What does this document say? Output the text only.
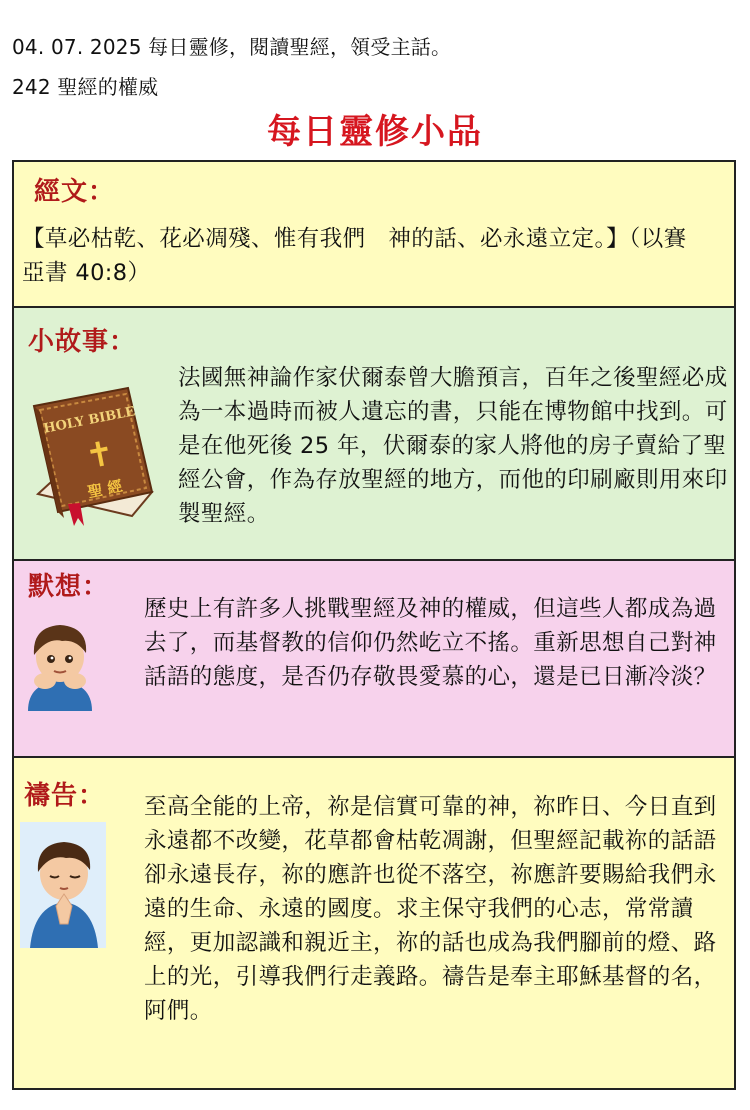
04. 07. 2025 每日靈修，閱讀聖經，領受主話。
242 聖經的權威
每日靈修小品
經文：
【草必枯乾、花必凋殘、惟有我們　神的話、必永遠立定。】（以賽亞書 40:8）
小故事：
HOLY BIBLE
✝
聖 經
法國無神論作家伏爾泰曾大膽預言，百年之後聖經必成為一本過時而被人遺忘的書，只能在博物館中找到。可是在他死後 25 年，伏爾泰的家人將他的房子賣給了聖經公會，作為存放聖經的地方，而他的印刷廠則用來印製聖經。
默想：
歷史上有許多人挑戰聖經及神的權威，但這些人都成為過去了，而基督教的信仰仍然屹立不搖。重新思想自己對神話語的態度，是否仍存敬畏愛慕的心，還是已日漸冷淡？
禱告： 至高全能的上帝，祢是信實可靠的神，祢昨日、今日直到永遠都不改變，花草都會枯乾凋謝，但聖經記載祢的話語卻永遠長存，祢的應許也從不落空，祢應許要賜給我們永遠的生命、永遠的國度。求主保守我們的心志，常常讀經，更加認識和親近主，祢的話也成為我們腳前的燈、路上的光，引導我們行走義路。禱告是奉主耶穌基督的名，阿們。
